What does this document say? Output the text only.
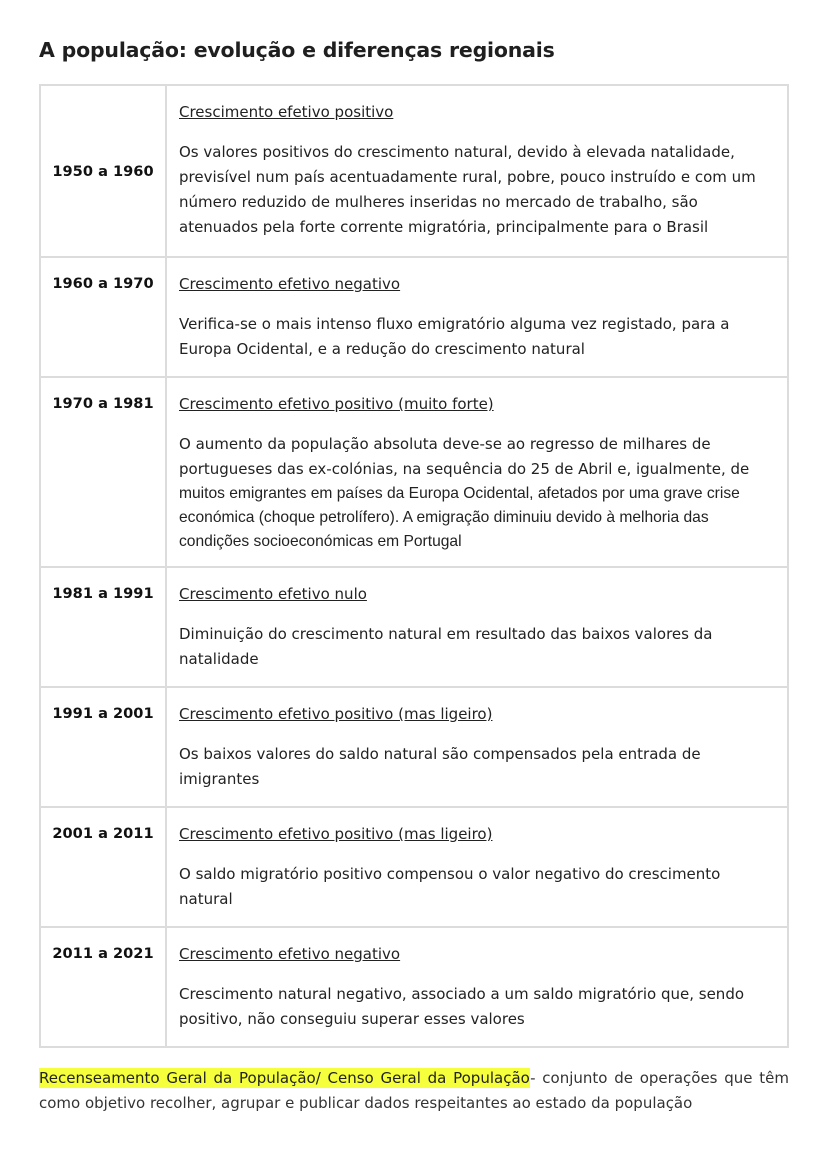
A população: evolução e diferenças regionais
1950 a 1960	Crescimento efetivo positivo
Os valores positivos do crescimento natural, devido à elevada natalidade, previsível num país acentuadamente rural, pobre, pouco instruído e com um número reduzido de mulheres inseridas no mercado de trabalho, são atenuados pela forte corrente migratória, principalmente para o Brasil

1960 a 1970	Crescimento efetivo negativo
Verifica-se o mais intenso fluxo emigratório alguma vez registado, para a Europa Ocidental, e a redução do crescimento natural

1970 a 1981	Crescimento efetivo positivo (muito forte)
O aumento da população absoluta deve-se ao regresso de milhares de portugueses das ex-colónias, na sequência do 25 de Abril e, igualmente, de
muitos emigrantes em países da Europa Ocidental, afetados por uma grave crise económica (choque petrolífero). A emigração diminuiu devido à melhoria das condições socioeconómicas em Portugal

1981 a 1991	Crescimento efetivo nulo
Diminuição do crescimento natural em resultado das baixos valores da natalidade

1991 a 2001	Crescimento efetivo positivo (mas ligeiro)
Os baixos valores do saldo natural são compensados pela entrada de imigrantes

2001 a 2011	Crescimento efetivo positivo (mas ligeiro)
O saldo migratório positivo compensou o valor negativo do crescimento natural

2011 a 2021	Crescimento efetivo negativo
Crescimento natural negativo, associado a um saldo migratório que, sendo positivo, não conseguiu superar esses valores

Recenseamento Geral da População/ Censo Geral da População- conjunto de operações que têm como objetivo recolher, agrupar e publicar dados respeitantes ao estado da população
